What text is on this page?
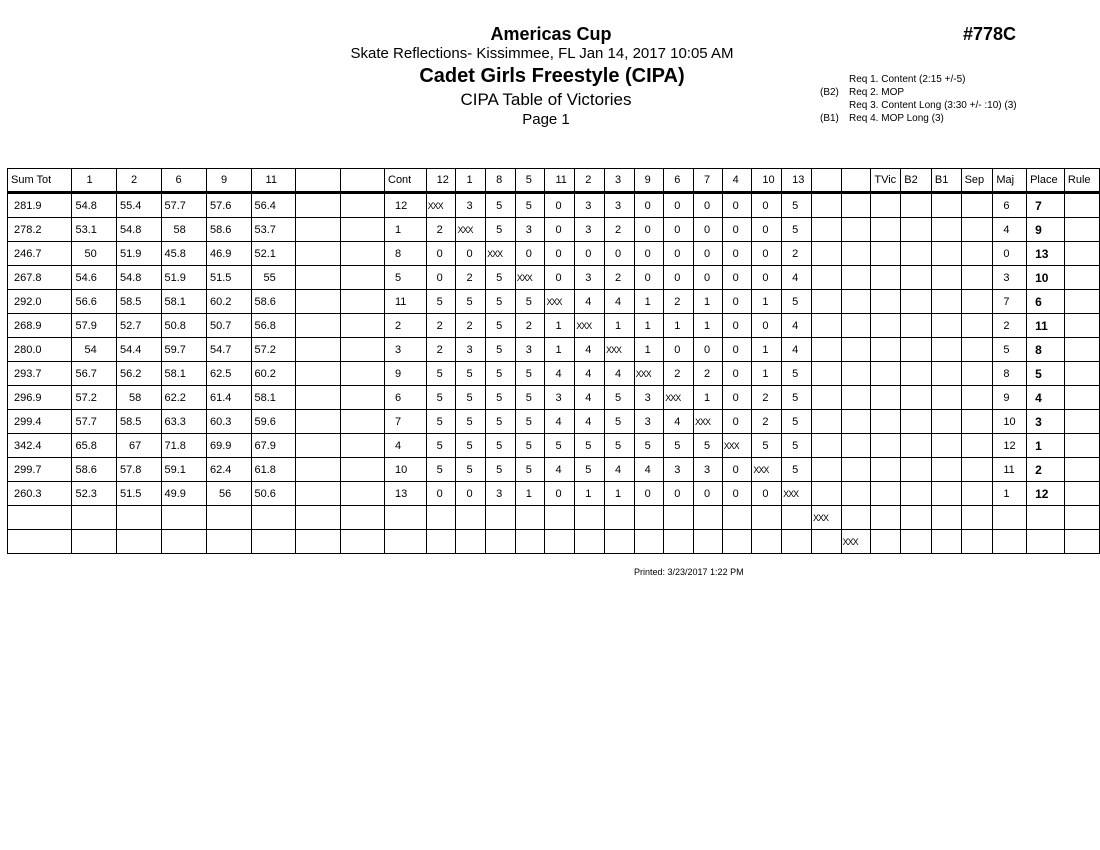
Americas Cup
Skate Reflections- Kissimmee, FL Jan 14, 2017 10:05 AM
Cadet Girls Freestyle (CIPA)
CIPA Table of Victories
Page 1
#778C
Req 1. Content (2:15 +/-5)
(B2)	Req 2. MOP
Req 3. Content Long (3:30 +/- :10) (3)
(B1)	Req 4. MOP Long (3)
Sum Tot	1	2	6	9	11			Cont	12	1	8	5	11	2	3	9	6	7	4	10	13			TVic	B2	B1	Sep	Maj	Place	Rule
281.9	54.8	55.4	57.7	57.6	56.4			12	XXX	3	5	5	0	3	3	0	0	0	0	0	5							6	7	
278.2	53.1	54.8	58	58.6	53.7			1	2	XXX	5	3	0	3	2	0	0	0	0	0	5							4	9	
246.7	50	51.9	45.8	46.9	52.1			8	0	0	XXX	0	0	0	0	0	0	0	0	0	2							0	13	
267.8	54.6	54.8	51.9	51.5	55			5	0	2	5	XXX	0	3	2	0	0	0	0	0	4							3	10	
292.0	56.6	58.5	58.1	60.2	58.6			11	5	5	5	5	XXX	4	4	1	2	1	0	1	5							7	6	
268.9	57.9	52.7	50.8	50.7	56.8			2	2	2	5	2	1	XXX	1	1	1	1	0	0	4							2	11	
280.0	54	54.4	59.7	54.7	57.2			3	2	3	5	3	1	4	XXX	1	0	0	0	1	4							5	8	
293.7	56.7	56.2	58.1	62.5	60.2			9	5	5	5	5	4	4	4	XXX	2	2	0	1	5							8	5	
296.9	57.2	58	62.2	61.4	58.1			6	5	5	5	5	3	4	5	3	XXX	1	0	2	5							9	4	
299.4	57.7	58.5	63.3	60.3	59.6			7	5	5	5	5	4	4	5	3	4	XXX	0	2	5							10	3	
342.4	65.8	67	71.8	69.9	67.9			4	5	5	5	5	5	5	5	5	5	5	XXX	5	5							12	1	
299.7	58.6	57.8	59.1	62.4	61.8			10	5	5	5	5	4	5	4	4	3	3	0	XXX	5							11	2	
260.3	52.3	51.5	49.9	56	50.6			13	0	0	3	1	0	1	1	0	0	0	0	0	XXX							1	12	
																						XXX								
																							XXX							
Printed: 3/23/2017 1:22 PM
